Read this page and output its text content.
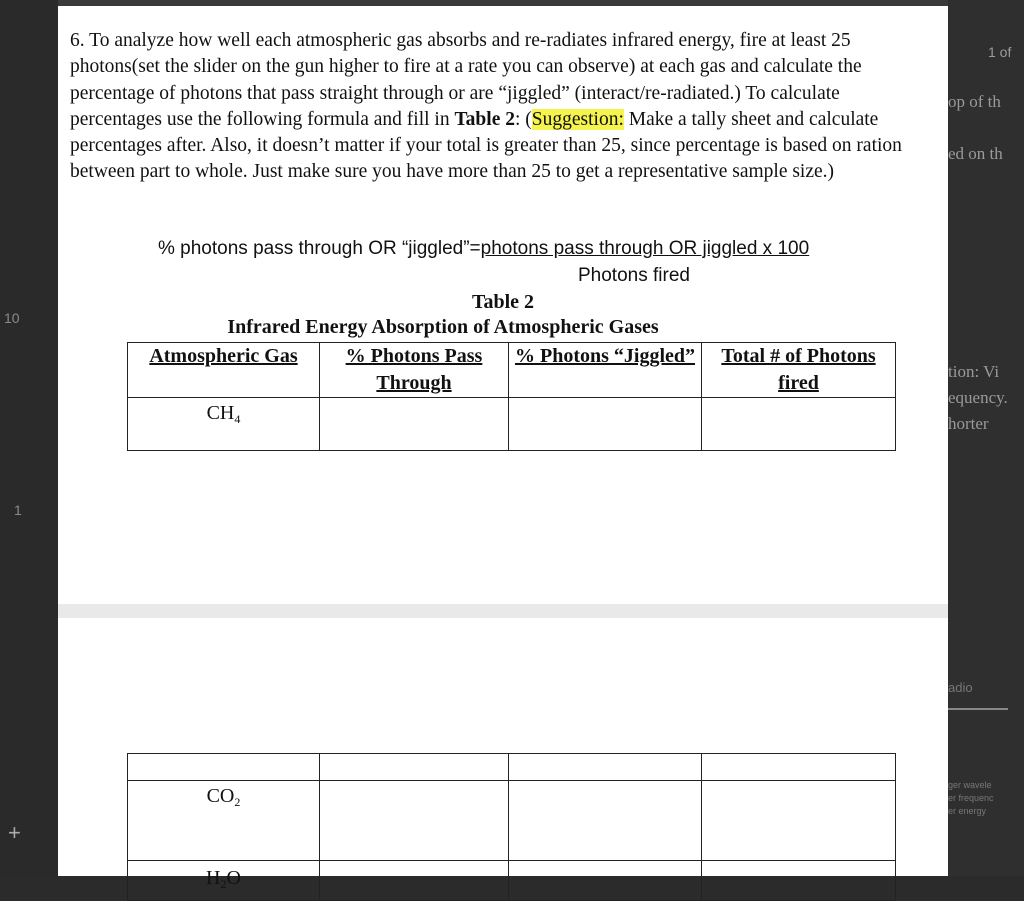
10
1
+
1 of
op of th
ed on th
tion: Vi
equency.
horter
adio
ger wavele
er frequenc
er energy
6. To analyze how well each atmospheric gas absorbs and re-radiates infrared energy, fire at least 25 photons(set the slider on the gun higher to fire at a rate you can observe) at each gas and calculate the percentage of photons that pass straight through or are “jiggled” (interact/re-radiated.) To calculate percentages use the following formula and fill in Table 2: (Suggestion: Make a tally sheet and calculate percentages after. Also, it doesn’t matter if your total is greater than 25, since percentage is based on ration between part to whole. Just make sure you have more than 25 to get a representative sample size.)
% photons pass through OR “jiggled”=photons pass through OR jiggled x 100
Photons fired
Table 2
Infrared Energy Absorption of Atmospheric Gases
Atmospheric Gas	% Photons Pass Through	% Photons “Jiggled”	Total # of Photons fired
$CH_4$			

$CO_2$			
$H_2O$			
